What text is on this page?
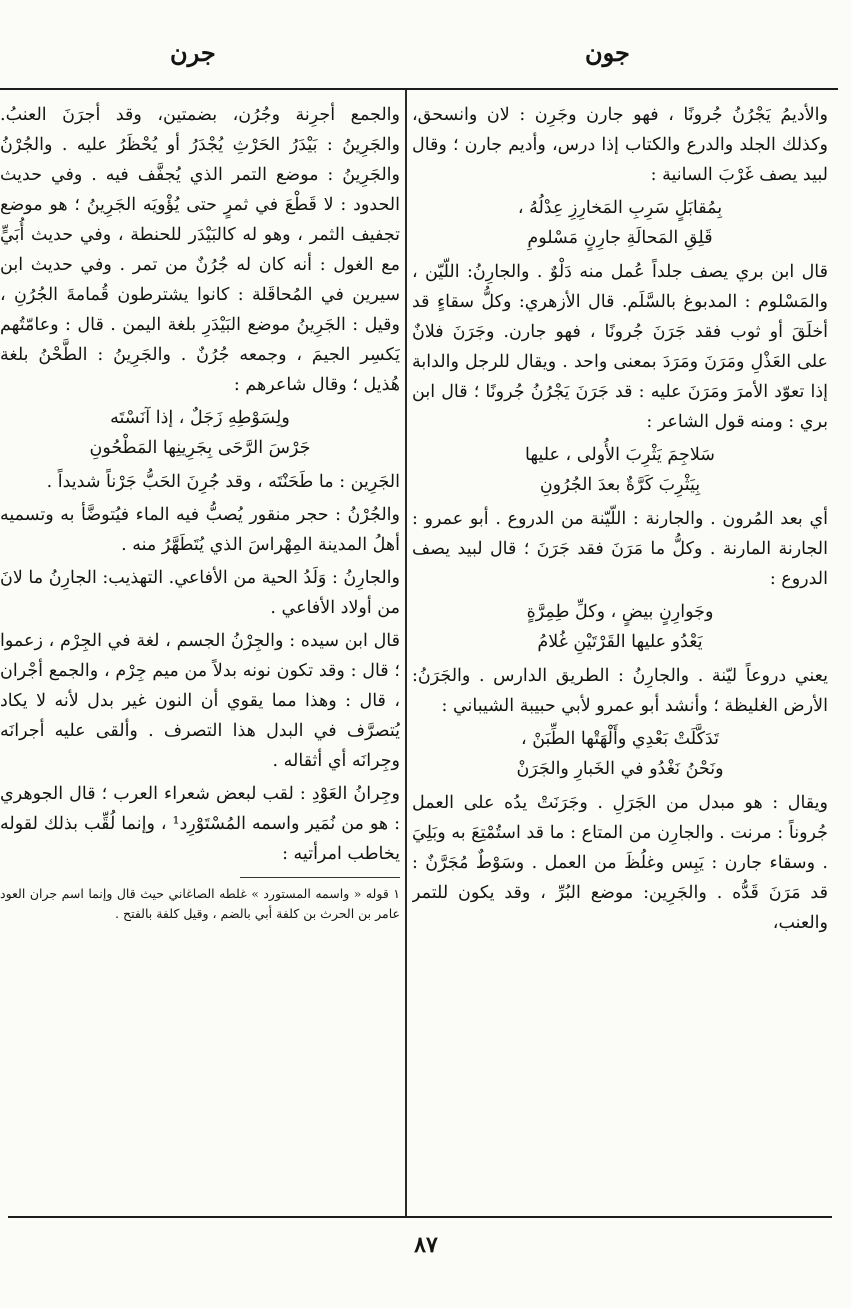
جون
جرن

والأديمُ يَجْرُنُ جُرونًا ، فهو جارن وجَرِن : لان وانسحق، وكذلك الجلد والدرع والكتاب إذا درس، وأديم جارن ؛ وقال لبيد يصف غَرْبَ السانية :

بِمُقابَلٍ سَرِبِ المَخارِزِ عِدْلُهُ ،
قَلِقِ المَحالَةِ جارِنٍ مَسْلومِ

قال ابن بري يصف جلداً عُمل منه دَلْوٌ . والجارِنُ: اللّيّن ، والمَسْلوم : المدبوغ بالسَّلَم. قال الأزهري: وكلُّ سقاءٍ قد أخلَقَ أو ثوب فقد جَرَنَ جُرونًا ، فهو جارن. وجَرَنَ فلانٌ على العَذْلِ ومَرَنَ ومَرَدَ بمعنى واحد . ويقال للرجل والدابة إذا تعوّد الأمرَ ومَرَنَ عليه : قد جَرَنَ يَجْرُنُ جُرونًا ؛ قال ابن بري : ومنه قول الشاعر :

سَلاجِمَ يَثْرِبَ الأُولى ، عليها
بِيَثْرِبَ كَرَّةٌ بعدَ الجُرُونِ

أي بعد المُرون . والجارنة : اللّيّنة من الدروع . أبو عمرو : الجارنة المارنة . وكلُّ ما مَرَنَ فقد جَرَنَ ؛ قال لبيد يصف الدروع :

وجَوارِنٍ بيضٍ ، وكلِّ طِمِرَّةٍ
يَعْدُو عليها القَرْتَيْنِ غُلامُ

يعني دروعاً ليّنة . والجارِنُ : الطريق الدارس . والجَرَنُ: الأرض الغليظة ؛ وأنشد أبو عمرو لأبي حبيبة الشيباني :

تَدَكَّلَتْ بَعْدِي وأَلْهَتْها الطِّبَنْ ،
ونَحْنُ نَغْدُو في الخَبارِ والجَرَنْ

ويقال : هو مبدل من الجَرَلِ . وجَرَنَتْ يدُه على العمل جُروناً : مرنت . والجارِن من المتاع : ما قد استُمْتِعَ به وبَلِيَ . وسقاء جارن : يَبِس وغلُظَ من العمل . وسَوْطٌ مُجَرَّنٌ : قد مَرَنَ قَدُّه . والجَرِين: موضع البُرِّ ، وقد يكون للتمر والعنب،

والجمع أجرِنة وجُرُن، بضمتين، وقد أجرَنَ العنبُ. والجَرِينُ : بَيْدَرُ الحَرْثِ يُجْدَرُ أو يُحْظَرُ عليه . والجُرْنُ والجَرِينُ : موضع التمر الذي يُجفَّف فيه . وفي حديث الحدود : لا قَطْعَ في ثمرٍ حتى يُؤْويَه الجَرِينُ ؛ هو موضع تجفيف الثمر ، وهو له كالبَيْدَر للحنطة ، وفي حديث أُبَيٍّ مع الغول : أنه كان له جُرُنٌ من تمر . وفي حديث ابن سيرين في المُحاقَلة : كانوا يشترطون قُمامةَ الجُرُنِ ، وقيل : الجَرِينُ موضع البَيْدَرِ بلغة اليمن . قال : وعامّتُهم يَكسِر الجيمَ ، وجمعه جُرُنٌ . والجَرِينُ : الطَّحْنُ بلغة هُذيل ؛ وقال شاعرهم :

ولِسَوْطِهِ زَجَلٌ ، إذا آنَسْتَه
جَرْسَ الرَّحَى بِجَرِينِها المَطْحُونِ

الجَرِين : ما طَحَنْتَه ، وقد جُرِنَ الحَبُّ جَرْناً شديداً .

والجُرْنُ : حجر منقور يُصبُّ فيه الماء فيُتوضَّأ به وتسميه أهلُ المدينة المِهْراسَ الذي يُتَطَهَّرُ منه .

والجارِنُ : وَلَدُ الحية من الأفاعي. التهذيب: الجارِنُ ما لانَ من أولاد الأفاعي .

قال ابن سيده : والجِرْنُ الجسم ، لغة في الجِرْم ، زعموا ؛ قال : وقد تكون نونه بدلاً من ميم جِرْم ، والجمع أجْران ، قال : وهذا مما يقوي أن النون غير بدل لأنه لا يكاد يُتصرَّف في البدل هذا التصرف . وألقى عليه أجرانَه وجِرانَه أي أثقاله .

وجِرانُ العَوْدِ : لقب لبعض شعراء العرب ؛ قال الجوهري : هو من نُمَير واسمه المُسْتَوْرِد¹ ، وإنما لُقِّب بذلك لقوله يخاطب امرأتيه :

١ قوله « واسمه المستورد » غلطه الصاغاني حيث قال وإنما اسم جران العود عامر بن الحرث بن كلفة أبي بالضم ، وقيل كلفة بالفتح .
٨٧
